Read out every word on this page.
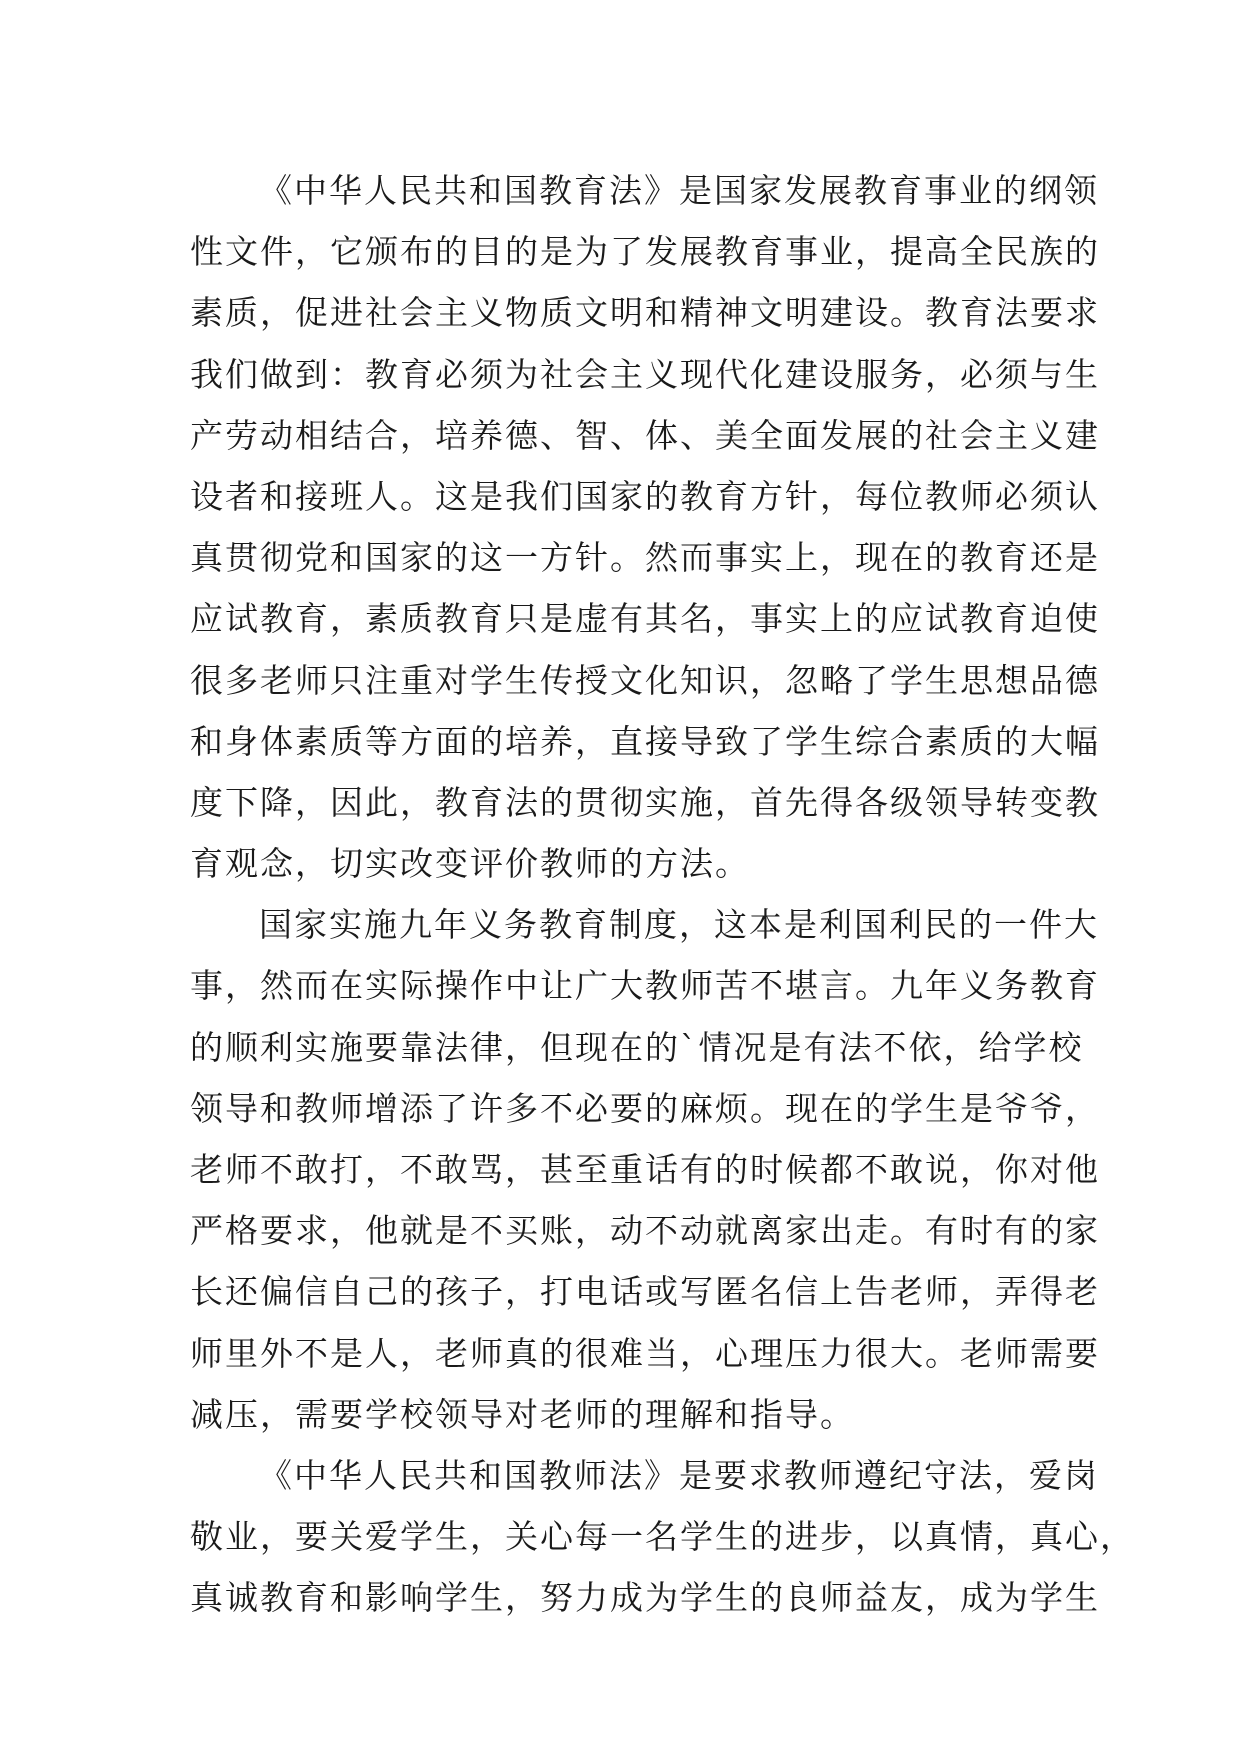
《中华人民共和国教育法》是国家发展教育事业的纲领
性文件，它颁布的目的是为了发展教育事业，提高全民族的
素质，促进社会主义物质文明和精神文明建设。教育法要求
我们做到：教育必须为社会主义现代化建设服务，必须与生
产劳动相结合，培养德、智、体、美全面发展的社会主义建
设者和接班人。这是我们国家的教育方针，每位教师必须认
真贯彻党和国家的这一方针。然而事实上，现在的教育还是
应试教育，素质教育只是虚有其名，事实上的应试教育迫使
很多老师只注重对学生传授文化知识，忽略了学生思想品德
和身体素质等方面的培养，直接导致了学生综合素质的大幅
度下降，因此，教育法的贯彻实施，首先得各级领导转变教
育观念，切实改变评价教师的方法。
国家实施九年义务教育制度，这本是利国利民的一件大
事，然而在实际操作中让广大教师苦不堪言。九年义务教育
的顺利实施要靠法律，但现在的`情况是有法不依，给学校
领导和教师增添了许多不必要的麻烦。现在的学生是爷爷，
老师不敢打，不敢骂，甚至重话有的时候都不敢说，你对他
严格要求，他就是不买账，动不动就离家出走。有时有的家
长还偏信自己的孩子，打电话或写匿名信上告老师，弄得老
师里外不是人，老师真的很难当，心理压力很大。老师需要
减压，需要学校领导对老师的理解和指导。
《中华人民共和国教师法》是要求教师遵纪守法，爱岗
敬业，要关爱学生，关心每一名学生的进步，以真情，真心，
真诚教育和影响学生，努力成为学生的良师益友，成为学生
